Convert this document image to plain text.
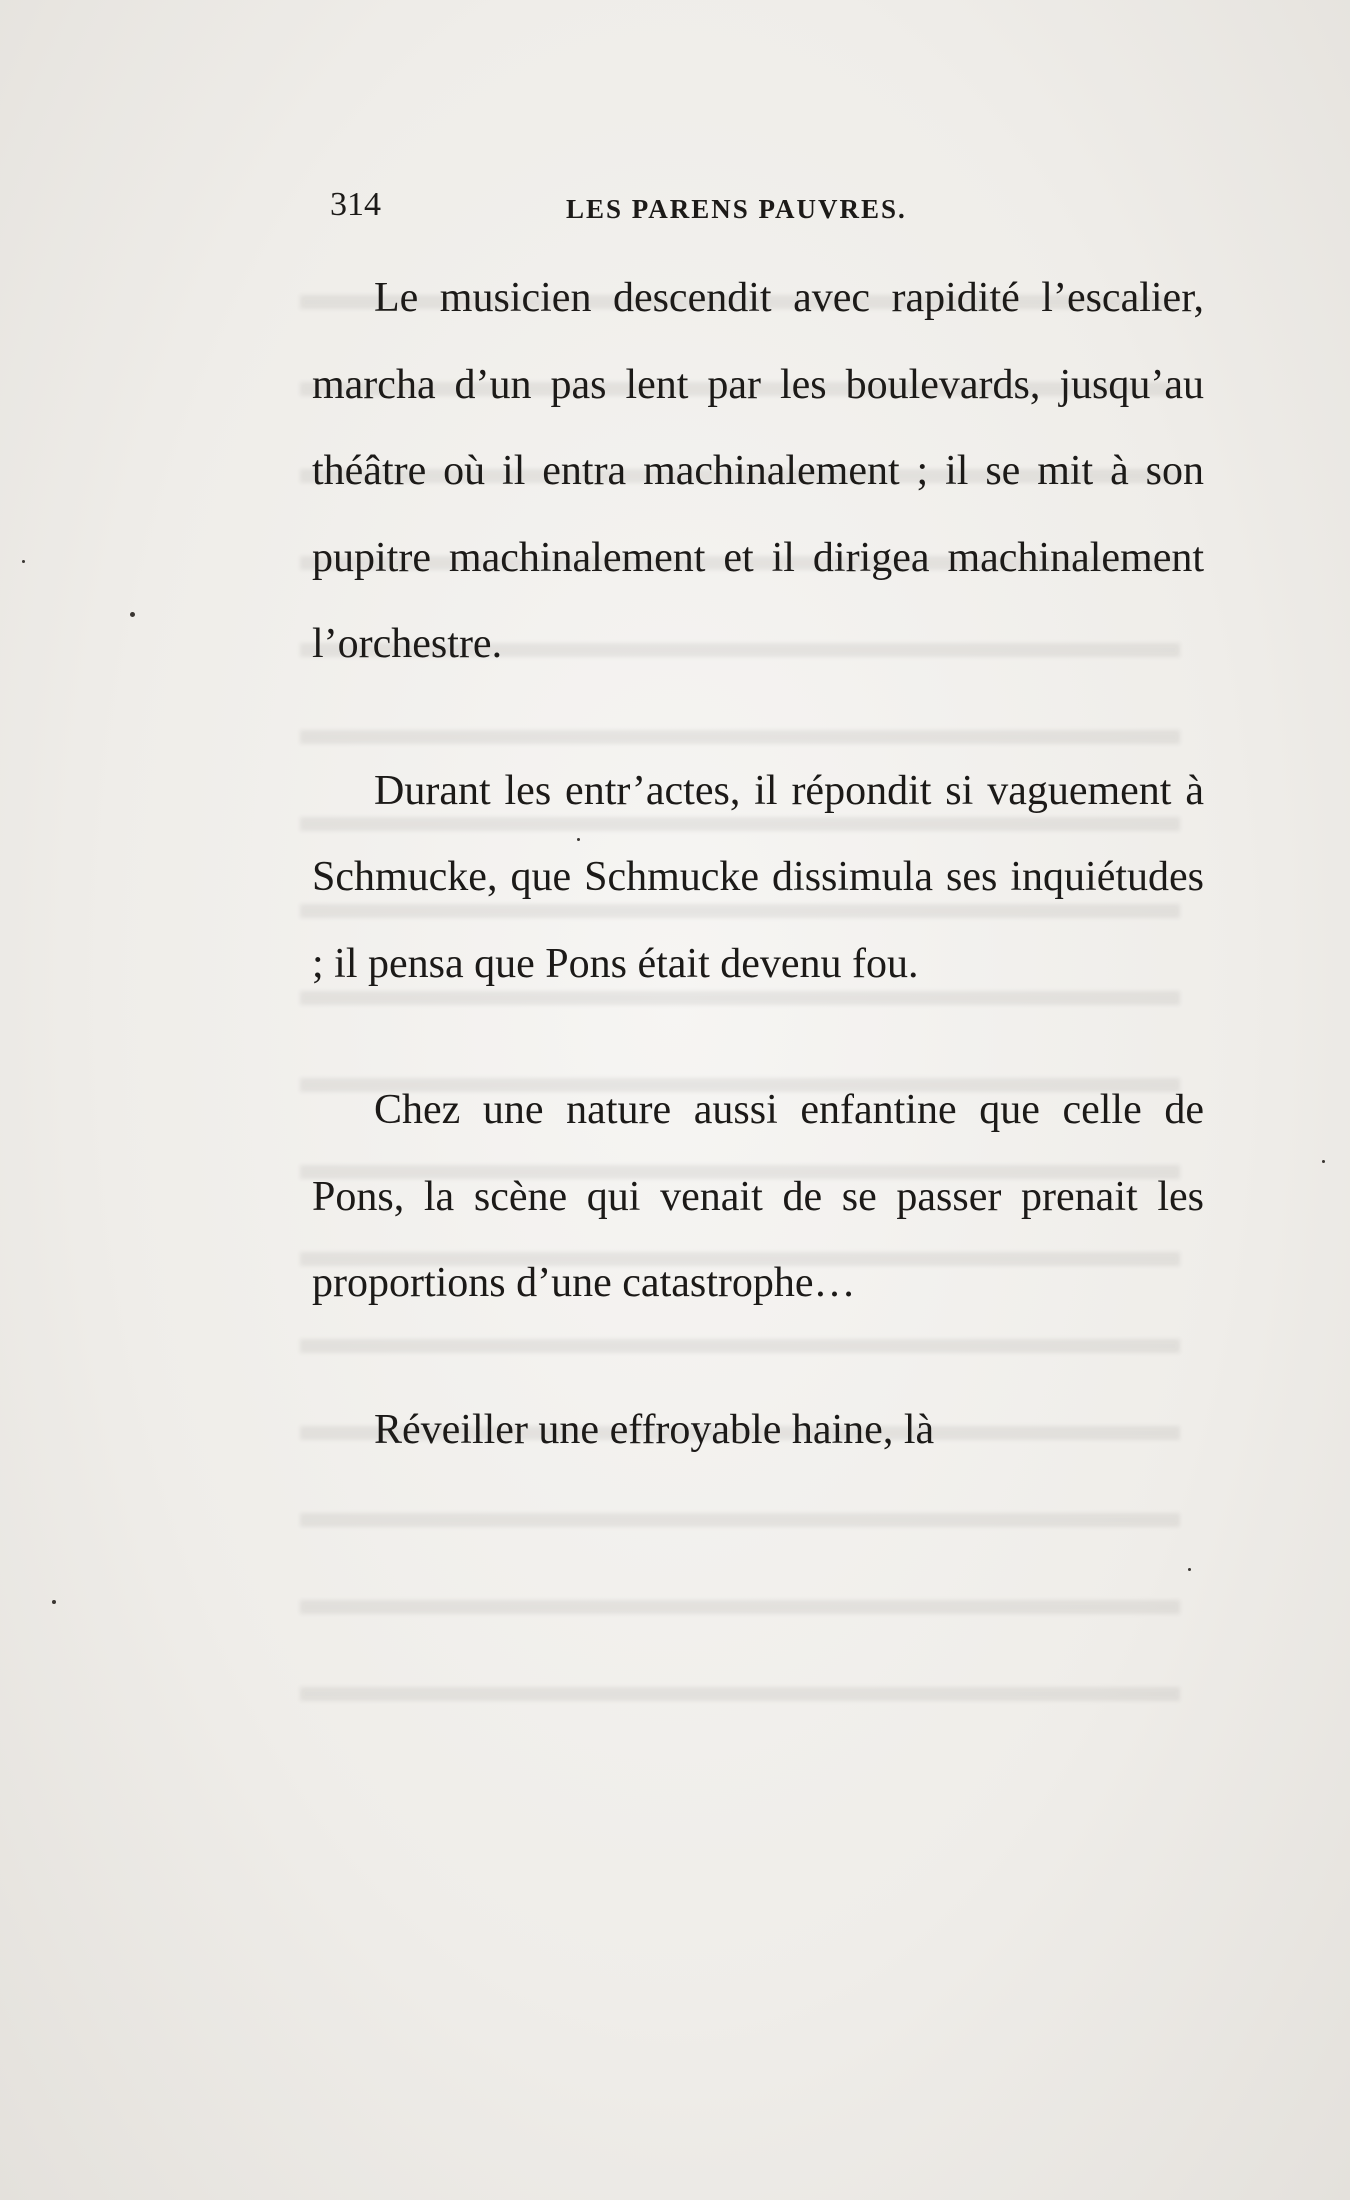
314	LES PARENS PAUVRES.

Le musicien descendit avec rapidité l’escalier, marcha d’un pas lent par les boulevards, jusqu’au théâtre où il entra machinalement ; il se mit à son pupitre machinalement et il dirigea machinalement l’orchestre.

Durant les entr’actes, il répondit si vaguement à Schmucke, que Schmucke dissimula ses inquiétudes ; il pensa que Pons était devenu fou.

Chez une nature aussi enfantine que celle de Pons, la scène qui venait de se passer prenait les proportions d’une catastrophe…

Réveiller une effroyable haine, là
